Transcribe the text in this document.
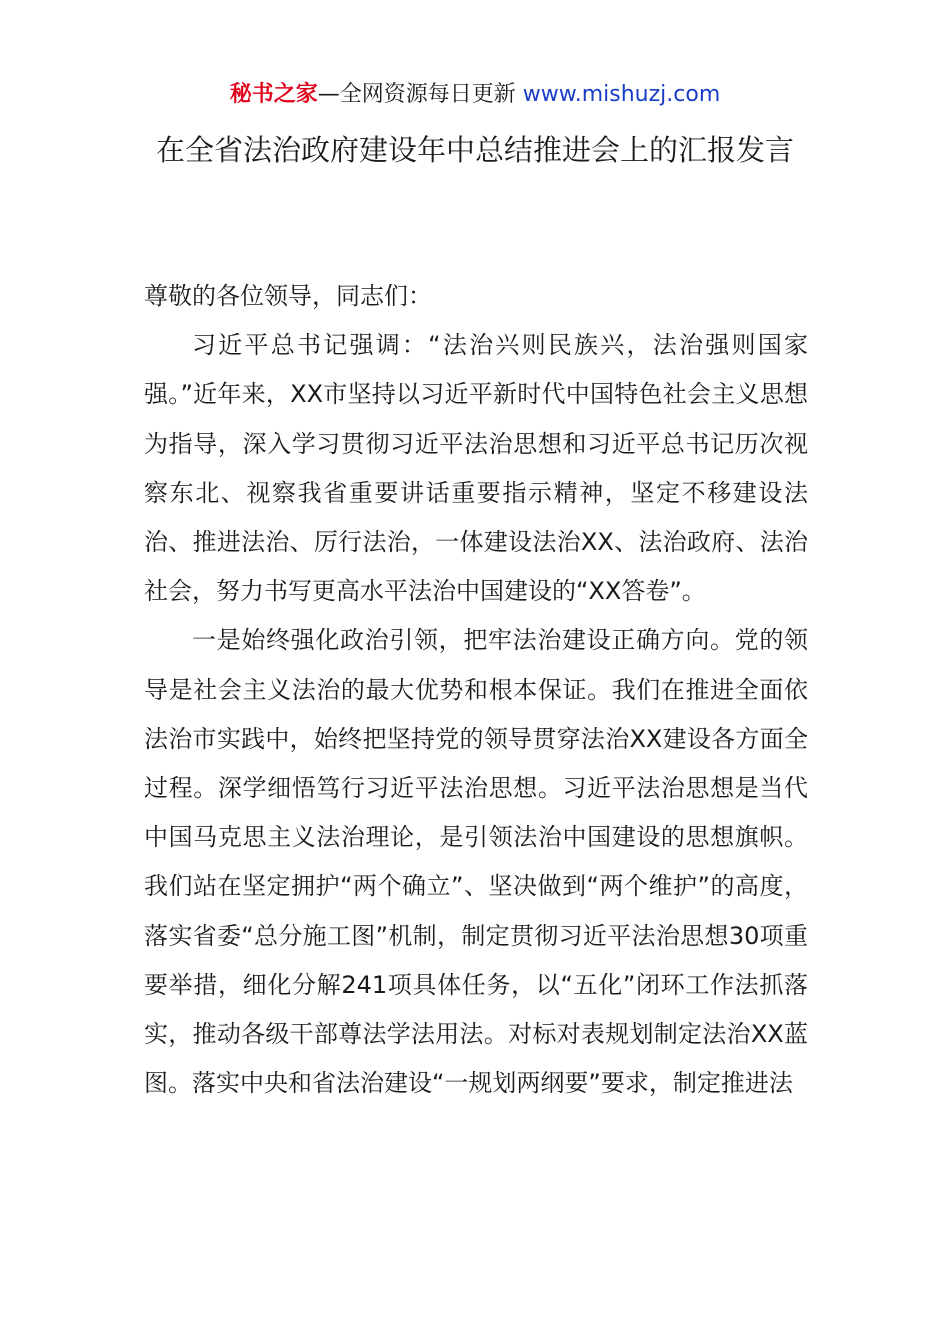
秘书之家—全网资源每日更新 www.mishuzj.com
在全省法治政府建设年中总结推进会上的汇报发言

尊敬的各位领导，同志们：

习近平总书记强调：“法治兴则民族兴，法治强则国家强。”近年来，XX市坚持以习近平新时代中国特色社会主义思想为指导，深入学习贯彻习近平法治思想和习近平总书记历次视察东北、视察我省重要讲话重要指示精神，坚定不移建设法治、推进法治、厉行法治，一体建设法治XX、法治政府、法治社会，努力书写更高水平法治中国建设的“XX答卷”。

一是始终强化政治引领，把牢法治建设正确方向。党的领导是社会主义法治的最大优势和根本保证。我们在推进全面依法治市实践中，始终把坚持党的领导贯穿法治XX建设各方面全过程。深学细悟笃行习近平法治思想。习近平法治思想是当代中国马克思主义法治理论，是引领法治中国建设的思想旗帜。我们站在坚定拥护“两个确立”、坚决做到“两个维护”的高度，落实省委“总分施工图”机制，制定贯彻习近平法治思想30项重要举措，细化分解241项具体任务，以“五化”闭环工作法抓落实，推动各级干部尊法学法用法。对标对表规划制定法治XX蓝图。落实中央和省法治建设“一规划两纲要”要求，制定推进法
